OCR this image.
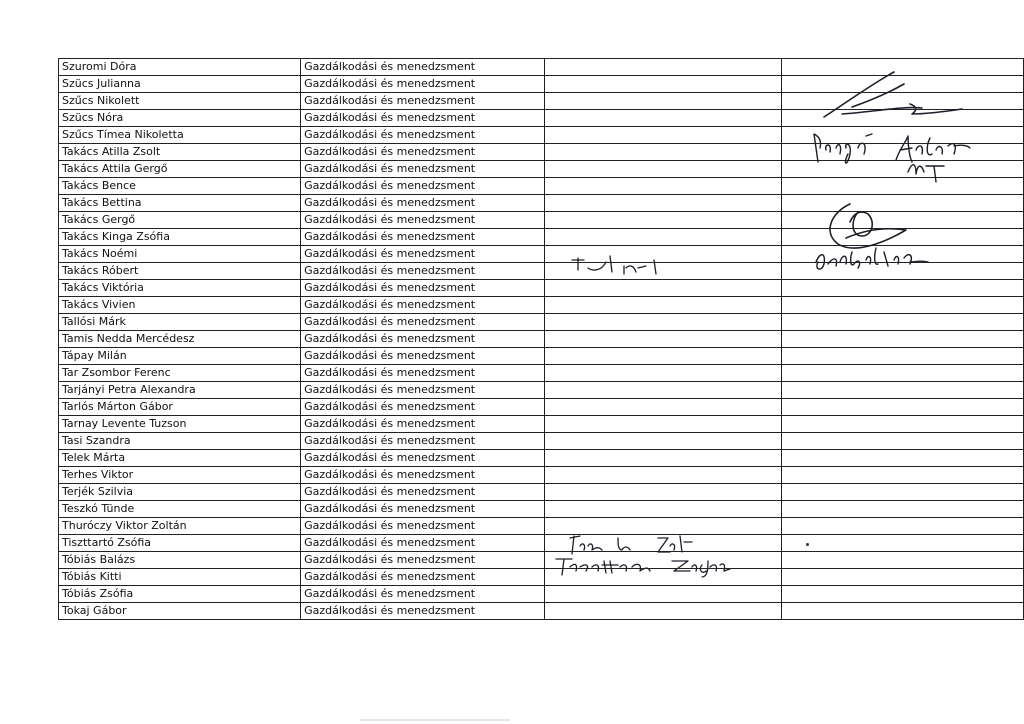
Szuromi Dóra	Gazdálkodási és menedzsment		
Szücs Julianna	Gazdálkodási és menedzsment		
Szűcs Nikolett	Gazdálkodási és menedzsment		
Szücs Nóra	Gazdálkodási és menedzsment		
Szűcs Tímea Nikoletta	Gazdálkodási és menedzsment		
Takács Atilla Zsolt	Gazdálkodási és menedzsment		
Takács Attila Gergő	Gazdálkodási és menedzsment		
Takács Bence	Gazdálkodási és menedzsment		
Takács Bettina	Gazdálkodási és menedzsment		
Takács Gergő	Gazdálkodási és menedzsment		
Takács Kinga Zsófia	Gazdálkodási és menedzsment		
Takács Noémi	Gazdálkodási és menedzsment		
Takács Róbert	Gazdálkodási és menedzsment		
Takács Viktória	Gazdálkodási és menedzsment		
Takács Vivien	Gazdálkodási és menedzsment		
Tallósi Márk	Gazdálkodási és menedzsment		
Tamis Nedda Mercédesz	Gazdálkodási és menedzsment		
Tápay Milán	Gazdálkodási és menedzsment		
Tar Zsombor Ferenc	Gazdálkodási és menedzsment		
Tarjányi Petra Alexandra	Gazdálkodási és menedzsment		
Tarlós Márton Gábor	Gazdálkodási és menedzsment		
Tarnay Levente Tuzson	Gazdálkodási és menedzsment		
Tasi Szandra	Gazdálkodási és menedzsment		
Telek Márta	Gazdálkodási és menedzsment		
Terhes Viktor	Gazdálkodási és menedzsment		
Terjék Szilvia	Gazdálkodási és menedzsment		
Teszkó Tünde	Gazdálkodási és menedzsment		
Thuróczy Viktor Zoltán	Gazdálkodási és menedzsment		
Tiszttartó Zsófia	Gazdálkodási és menedzsment		
Tóbiás Balázs	Gazdálkodási és menedzsment		
Tóbiás Kitti	Gazdálkodási és menedzsment		
Tóbiás Zsófia	Gazdálkodási és menedzsment		
Tokaj Gábor	Gazdálkodási és menedzsment		
